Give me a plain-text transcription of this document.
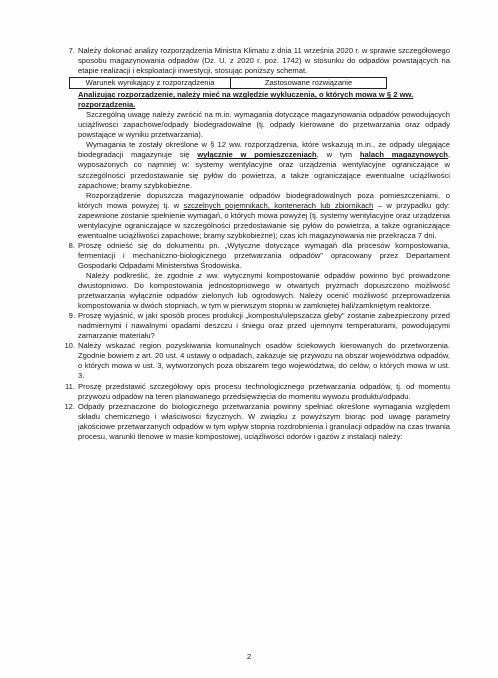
7. Należy dokonać analizy rozporządzenia Ministra Klimatu z dnia 11 września 2020 r. w sprawie szczegółowego sposobu magazynowania odpadów (Dz. U. z 2020 r. poz. 1742) w stosunku do odpadów powstających na etapie realizacji i eksploatacji inwestycji, stosując poniższy schemat.

Warunek wynikający z rozporządzenia	Zastosowane rozwiązanie

Analizując rozporządzenie, należy mieć na względzie wykluczenia, o których mowa w § 2 ww. rozporządzenia.

Szczególną uwagę należy zwrócić na m.in. wymagania dotyczące magazynowania odpadów powodujących uciążliwości zapachowe/odpady biodegradowalne (tj. odpady kierowane do przetwarzania oraz odpady powstające w wyniku przetwarzania).

Wymagania te zostały określone w § 12 ww. rozporządzenia, które wskazują m.in., że odpady ulegające biodegradacji magazynuje się wyłącznie w pomieszczeniach, w tym halach magazynowych, wyposażonych co najmniej w: systemy wentylacyjne oraz urządzenia wentylacyjne ograniczające w szczególności przedostawanie się pyłów do powietrza, a także ograniczające ewentualne uciążliwości zapachowe; bramy szybkobieżne.

Rozporządzenie dopuszcza magazynowanie odpadów biodegradowalnych poza pomieszczeniami, o których mowa powyżej tj. w szczelnych pojemnikach, kontenerach lub zbiornikach – w przypadku gdy: zapewnione zostanie spełnienie wymagań, o których mowa powyżej (tj. systemy wentylacyjne oraz urządzenia wentylacyjne ograniczające w szczególności przedostawanie się pyłów do powietrza, a także ograniczające ewentualne uciążliwości zapachowe; bramy szybkobieżne); czas ich magazynowania nie przekracza 7 dni.

8. Proszę odnieść się do dokumentu pn. „Wytyczne dotyczące wymagań dla procesów kompostowania, fermentacji i mechaniczno-biologicznego przetwarzania odpadów” opracowany przez Departament Gospodarki Odpadami Ministerstwa Środowiska.

Należy podkreślić, że zgodnie z ww. wytycznymi kompostowanie odpadów powinno być prowadzone dwustopniowo. Do kompostowania jednostopniowego w otwartych pryzmach dopuszczono możliwość przetwarzania wyłącznie odpadów zielonych lub ogrodowych. Należy ocenić możliwość przeprowadzenia kompostowania w dwóch stopniach, w tym w pierwszym stopniu w zamkniętej hali/zamkniętym reaktorze.

9. Proszę wyjaśnić, w jaki sposób proces produkcji „kompostu/ulepszacza gleby” zostanie zabezpieczony przed nadmiernymi i nawalnymi opadami deszczu i śniegu oraz przed ujemnymi temperaturami, powodującymi zamarzanie materiału?

10. Należy wskazać region pozyskiwania komunalnych osadów ściekowych kierowanych do przetworzenia. Zgodnie bowiem z art. 20 ust. 4 ustawy o odpadach, zakazuje się przywozu na obszar województwa odpadów, o których mowa w ust. 3, wytworzonych poza obszarem tego województwa, do celów, o których mowa w ust. 3.

11. Proszę przedstawić szczegółowy opis procesu technologicznego przetwarzania odpadów, tj. od momentu przywozu odpadów na teren planowanego przedsięwzięcia do momentu wywozu produktu/odpadu.

12. Odpady przeznaczone do biologicznego przetwarzania powinny spełniać określone wymagania względem składu chemicznego i właściwości fizycznych. W związku z powyższym biorąc pod uwagę parametry jakościowe przetwarzanych odpadów w tym wpływ stopnia rozdrobnienia i granulacji odpadów na czas trwania procesu, warunki tlenowe w masie kompostowej, uciążliwości odorów i gazów z instalacji należy:

2
